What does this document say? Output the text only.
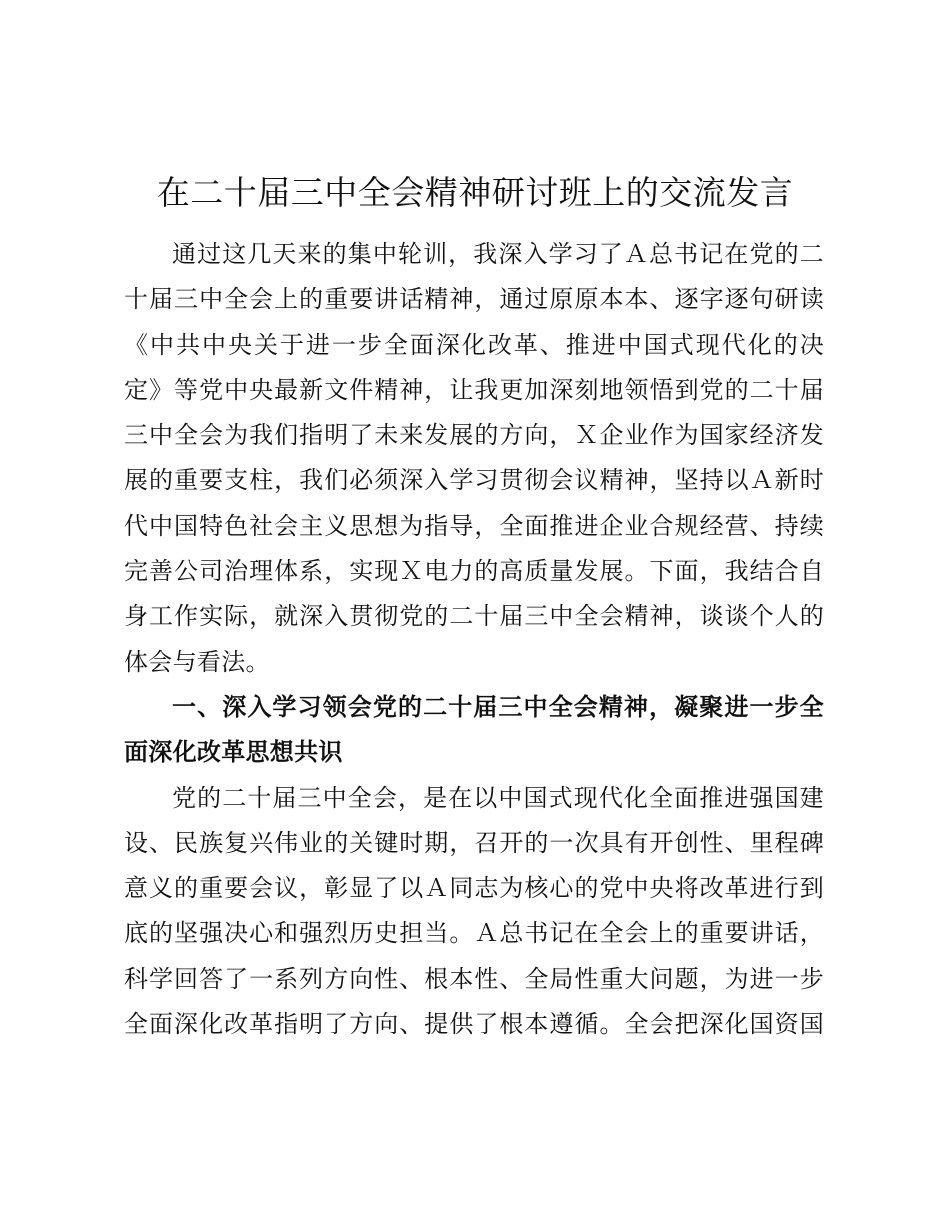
在二十届三中全会精神研讨班上的交流发言
通过这几天来的集中轮训，我深入学习了Ａ总书记在党的二
十届三中全会上的重要讲话精神，通过原原本本、逐字逐句研读
《中共中央关于进一步全面深化改革、推进中国式现代化的决
定》等党中央最新文件精神，让我更加深刻地领悟到党的二十届
三中全会为我们指明了未来发展的方向，Ｘ企业作为国家经济发
展的重要支柱，我们必须深入学习贯彻会议精神，坚持以Ａ新时
代中国特色社会主义思想为指导，全面推进企业合规经营、持续
完善公司治理体系，实现Ｘ电力的高质量发展。下面，我结合自
身工作实际，就深入贯彻党的二十届三中全会精神，谈谈个人的
体会与看法。
一、深入学习领会党的二十届三中全会精神，凝聚进一步全
面深化改革思想共识
党的二十届三中全会，是在以中国式现代化全面推进强国建
设、民族复兴伟业的关键时期，召开的一次具有开创性、里程碑
意义的重要会议，彰显了以Ａ同志为核心的党中央将改革进行到
底的坚强决心和强烈历史担当。Ａ总书记在全会上的重要讲话，
科学回答了一系列方向性、根本性、全局性重大问题，为进一步
全面深化改革指明了方向、提供了根本遵循。全会把深化国资国
